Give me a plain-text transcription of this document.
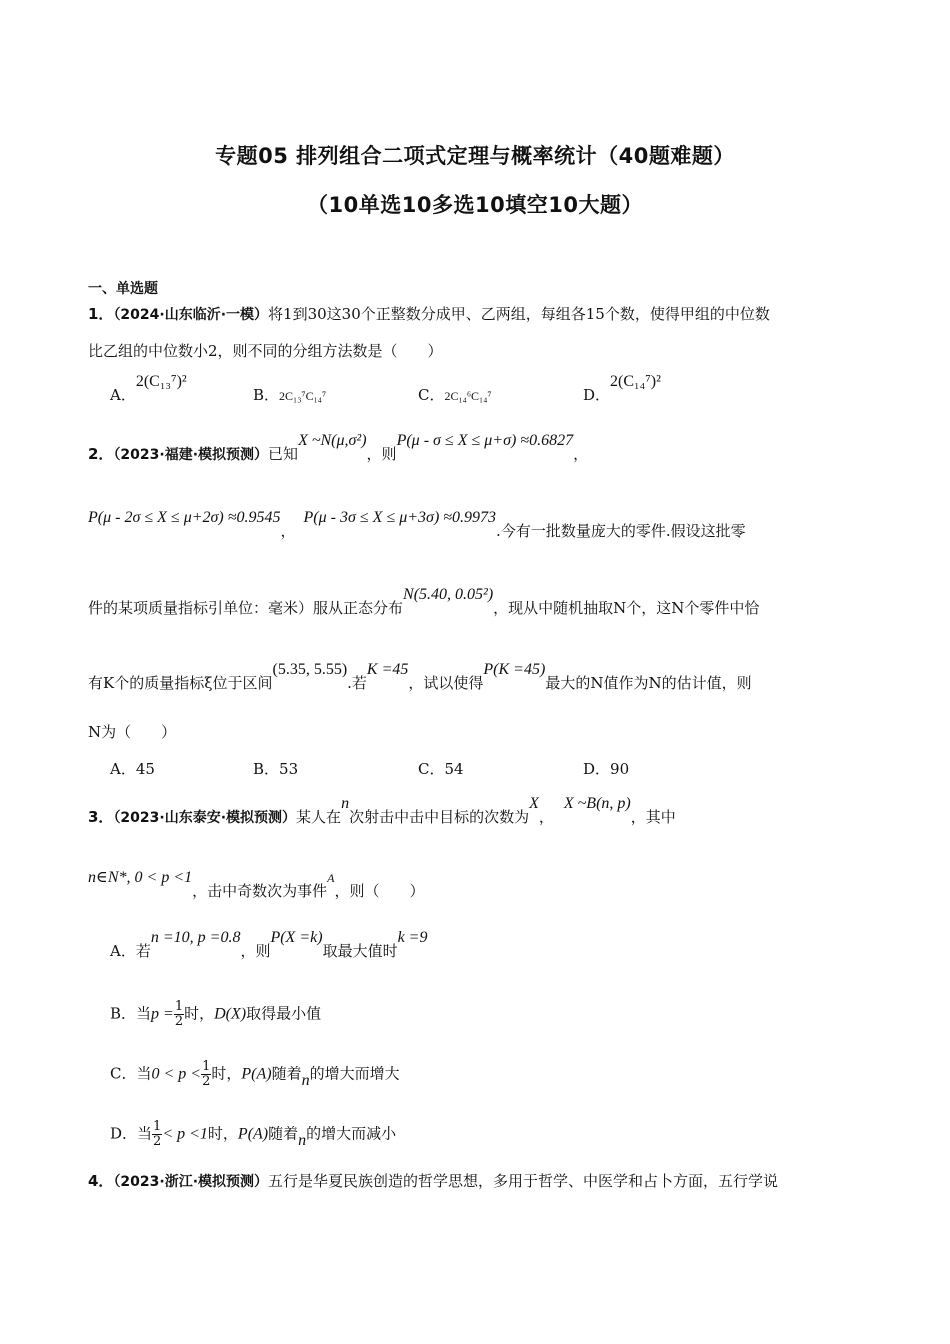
专题05 排列组合二项式定理与概率统计（40题难题）
（10单选10多选10填空10大题）
一、单选题
1．（2024·山东临沂·一模）将1到30这30个正整数分成甲、乙两组，每组各15个数，使得甲组的中位数
比乙组的中位数小2，则不同的分组方法数是（　　）
A．2(C₁₃⁷)²
B．2C₁₃⁷C₁₄⁷	C．2C₁₄⁶C₁₄⁷	D．2(C₁₄⁷)²
2．（2023·福建·模拟预测）已知X ~N(μ,σ²)，则P(μ - σ ≤ X ≤ μ+σ) ≈0.6827，
P(μ - 2σ ≤ X ≤ μ+2σ) ≈0.9545，P(μ - 3σ ≤ X ≤ μ+3σ) ≈0.9973.今有一批数量庞大的零件.假设这批零
件的某项质量指标引单位：毫米）服从正态分布N(5.40, 0.05²)，现从中随机抽取N个，这N个零件中恰
有K个的质量指标ξ位于区间(5.35, 5.55).若K =45，试以使得P(K =45)最大的N值作为N的估计值，则
N为（　　）
A．45	B．53	C．54	D．90
3．（2023·山东泰安·模拟预测）某人在n次射击中击中目标的次数为X，X ~B(n, p)，其中
n∈N*, 0 < p <1，击中奇数次为事件$^A$，则（　　）
A．若n =10, p =0.8，则P(X =k)取最大值时k =9
B．当$p = \frac{1}{2}$ 时，D(X)取得最小值
C．当$0 < p < \frac{1}{2}$ 时，P(A)随着n的增大而增大
D．当 $\frac{1}{2} < p <1$时，P(A)随着n的增大而减小
4．（2023·浙江·模拟预测）五行是华夏民族创造的哲学思想，多用于哲学、中医学和占卜方面，五行学说
